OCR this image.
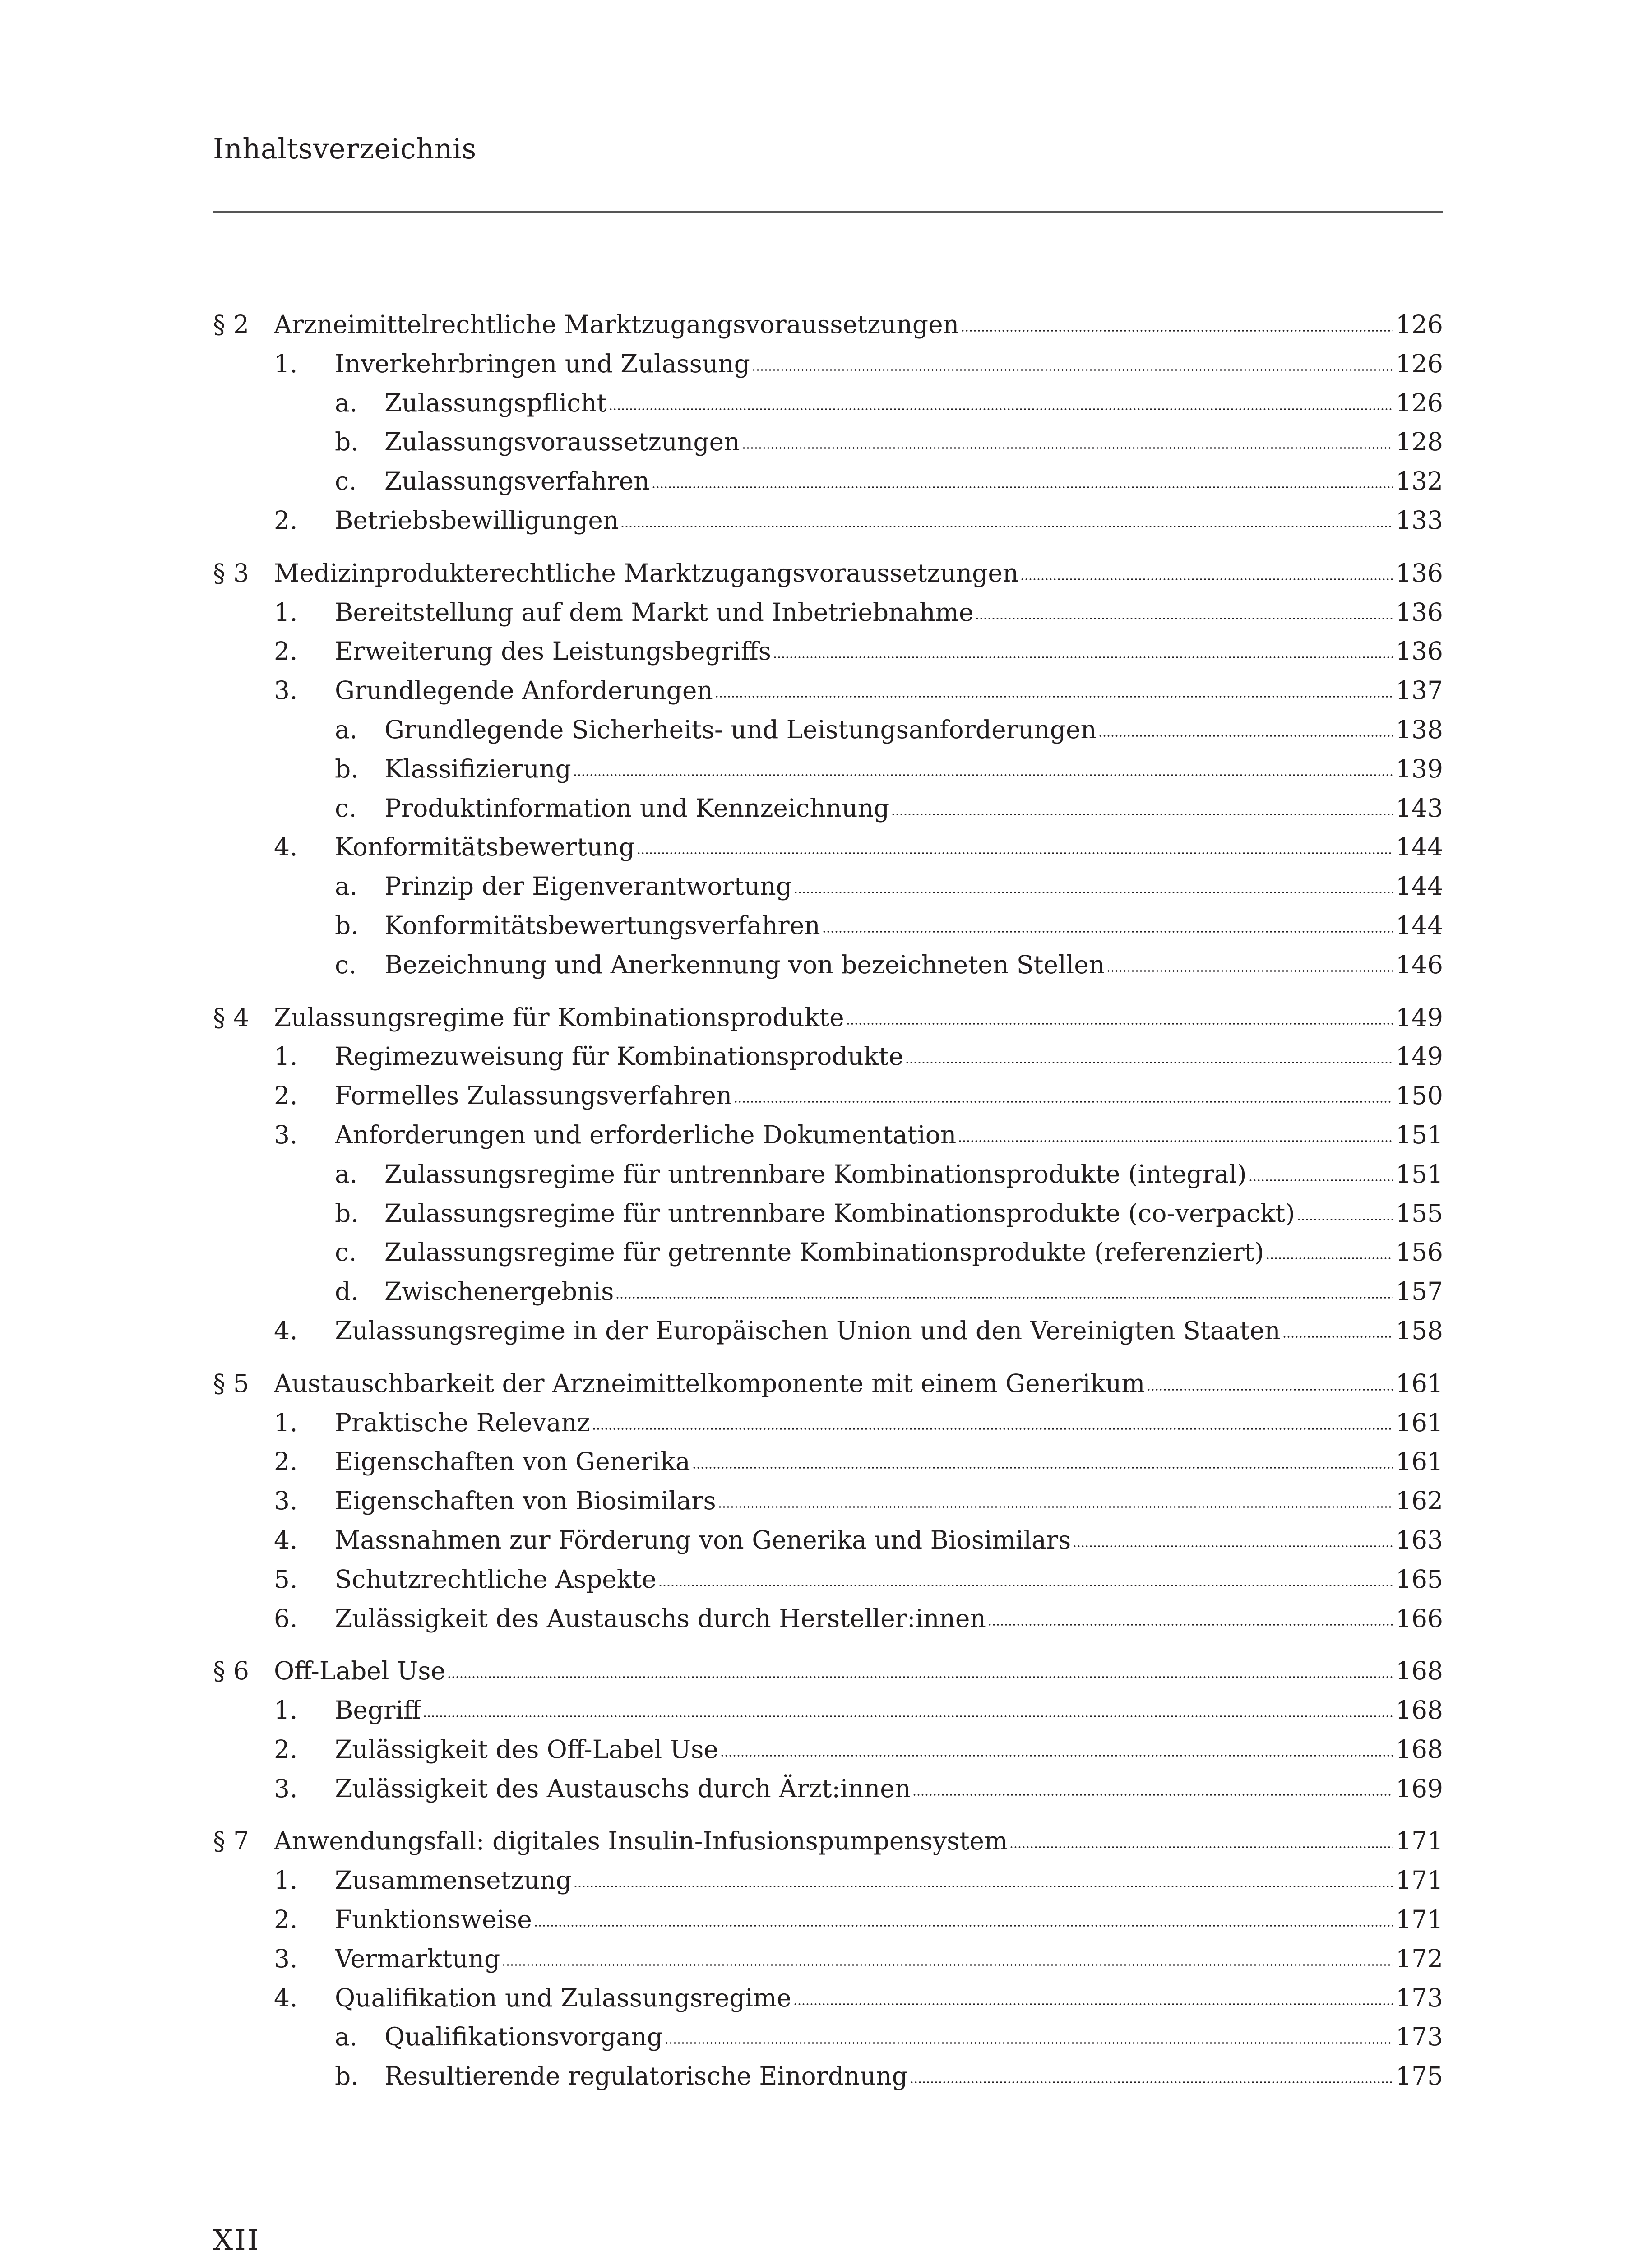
Inhaltsverzeichnis
§ 2 Arzneimittelrechtliche Marktzugangsvoraussetzungen	126
1. Inverkehrbringen und Zulassung	126
a. Zulassungspflicht	126
b. Zulassungsvoraussetzungen	128
c. Zulassungsverfahren	132
2. Betriebsbewilligungen	133
§ 3 Medizinprodukterechtliche Marktzugangsvoraussetzungen	136
1. Bereitstellung auf dem Markt und Inbetriebnahme	136
2. Erweiterung des Leistungsbegriffs	136
3. Grundlegende Anforderungen	137
a. Grundlegende Sicherheits- und Leistungsanforderungen	138
b. Klassifizierung	139
c. Produktinformation und Kennzeichnung	143
4. Konformitätsbewertung	144
a. Prinzip der Eigenverantwortung	144
b. Konformitätsbewertungsverfahren	144
c. Bezeichnung und Anerkennung von bezeichneten Stellen	146
§ 4 Zulassungsregime für Kombinationsprodukte	149
1. Regimezuweisung für Kombinationsprodukte	149
2. Formelles Zulassungsverfahren	150
3. Anforderungen und erforderliche Dokumentation	151
a. Zulassungsregime für untrennbare Kombinationsprodukte (integral)	151
b. Zulassungsregime für untrennbare Kombinationsprodukte (co-verpackt)	155
c. Zulassungsregime für getrennte Kombinationsprodukte (referenziert)	156
d. Zwischenergebnis	157
4. Zulassungsregime in der Europäischen Union und den Vereinigten Staaten	158
§ 5 Austauschbarkeit der Arzneimittelkomponente mit einem Generikum	161
1. Praktische Relevanz	161
2. Eigenschaften von Generika	161
3. Eigenschaften von Biosimilars	162
4. Massnahmen zur Förderung von Generika und Biosimilars	163
5. Schutzrechtliche Aspekte	165
6. Zulässigkeit des Austauschs durch Hersteller:innen	166
§ 6 Off-Label Use	168
1. Begriff	168
2. Zulässigkeit des Off-Label Use	168
3. Zulässigkeit des Austauschs durch Ärzt:innen	169
§ 7 Anwendungsfall: digitales Insulin-Infusionspumpensystem	171
1. Zusammensetzung	171
2. Funktionsweise	171
3. Vermarktung	172
4. Qualifikation und Zulassungsregime	173
a. Qualifikationsvorgang	173
b. Resultierende regulatorische Einordnung	175
XII
